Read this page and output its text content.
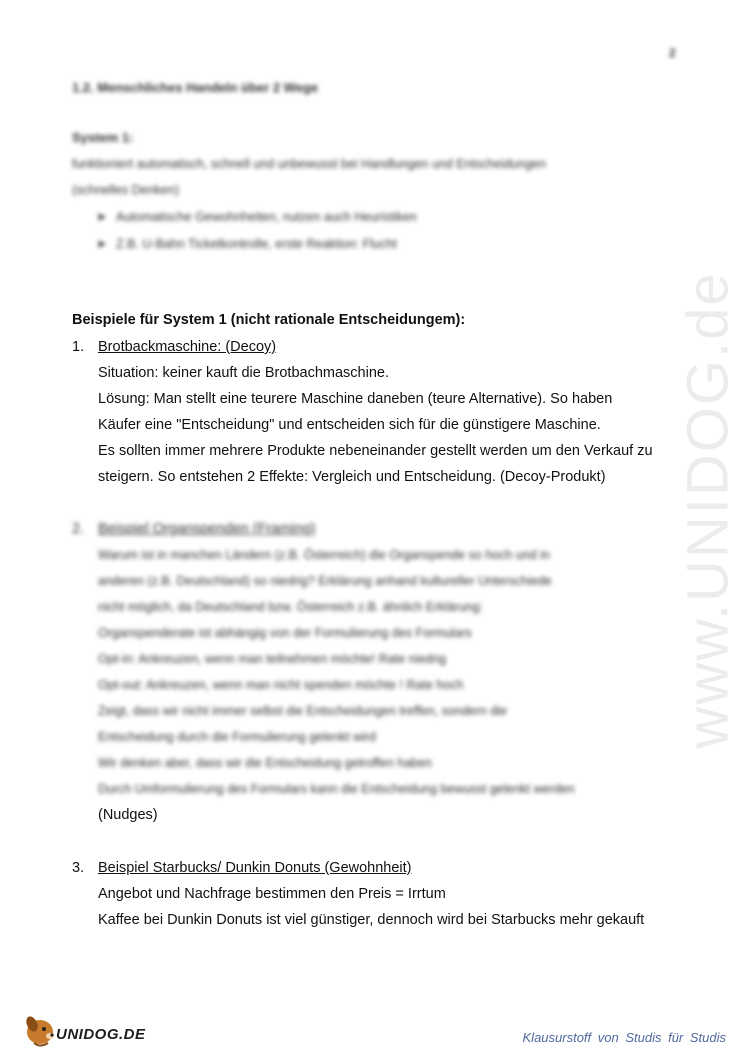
www.UNIDOG.de
2
1.2. Menschliches Handeln über 2 Wege
System 1:
funktioniert automatisch, schnell und unbewusst bei Handlungen und Entscheidungen
(schnelles Denken)
➤ Automatische Gewohnheiten, nutzen auch Heuristiken
➤ Z.B. U-Bahn Ticketkontrolle, erste Reaktion: Flucht
Beispiele für System 1 (nicht rationale Entscheidungem):
1. Brotbackmaschine: (Decoy)
Situation: keiner kauft die Brotbachmaschine.
Lösung: Man stellt eine teurere Maschine daneben (teure Alternative). So haben
Käufer eine "Entscheidung" und entscheiden sich für die günstigere Maschine.
Es sollten immer mehrere Produkte nebeneinander gestellt werden um den Verkauf zu
steigern. So entstehen 2 Effekte: Vergleich und Entscheidung. (Decoy-Produkt)
2. Beispiel Organspenden (Framing)
Warum ist in manchen Ländern (z.B. Österreich) die Organspende so hoch und in
anderen (z.B. Deutschland) so niedrig? Erklärung anhand kultureller Unterschiede
nicht möglich, da Deutschland bzw. Österreich z.B. ähnlich Erklärung:
Organspenderate ist abhängig von der Formulierung des Formulars
Opt-in: Ankreuzen, wenn man teilnehmen möchte! Rate niedrig
Opt-out: Ankreuzen, wenn man nicht spenden möchte ! Rate hoch
Zeigt, dass wir nicht immer selbst die Entscheidungen treffen, sondern die
Entscheidung durch die Formulierung gelenkt wird
Wir denken aber, dass wir die Entscheidung getroffen haben
Durch Umformulierung des Formulars kann die Entscheidung bewusst gelenkt werden
(Nudges)
3. Beispiel Starbucks/ Dunkin Donuts (Gewohnheit)
Angebot und Nachfrage bestimmen den Preis = Irrtum
Kaffee bei Dunkin Donuts ist viel günstiger, dennoch wird bei Starbucks mehr gekauft
UNIDOG.DE	Klausurstoff von Studis für Studis
